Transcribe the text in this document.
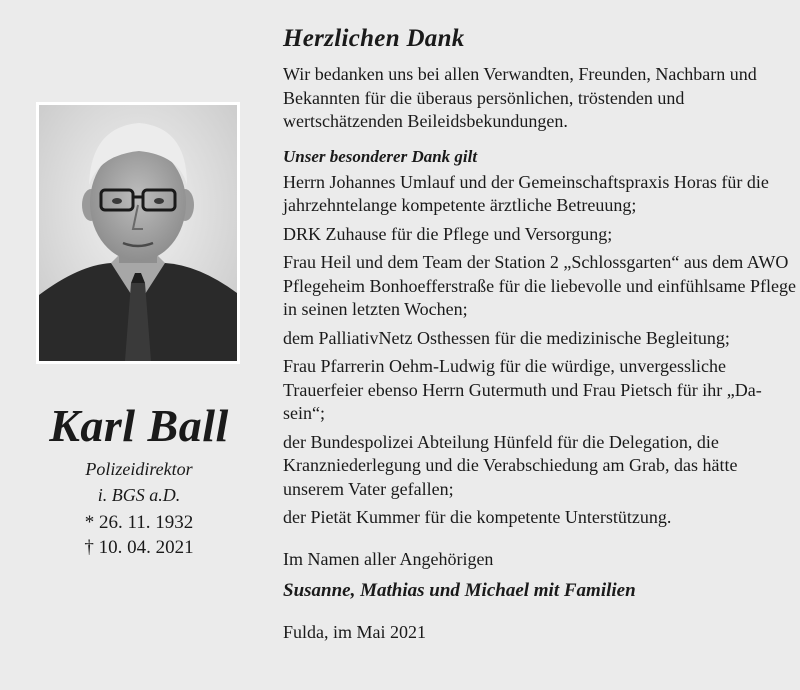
Karl Ball
Polizeidirektor
i. BGS a.D.
* 26. 11. 1932
† 10. 04. 2021
Herzlichen Dank

Wir bedanken uns bei allen Verwandten, Freunden, Nachbarn und Bekannten für die überaus persönlichen, tröstenden und wertschätzenden Beileidsbekundungen.

Unser besonderer Dank gilt

Herrn Johannes Umlauf und der Gemeinschaftspraxis Horas für die jahrzehntelange kompetente ärztliche Betreuung;

DRK Zuhause für die Pflege und Versorgung;

Frau Heil und dem Team der Station 2 „Schlossgarten“ aus dem AWO Pflegeheim Bonhoefferstraße für die liebevolle und einfühlsame Pflege in seinen letzten Wochen;

dem PalliativNetz Osthessen für die medizinische Begleitung;

Frau Pfarrerin Oehm-Ludwig für die würdige, unvergessliche Trauerfeier ebenso Herrn Gutermuth und Frau Pietsch für ihr „Da-sein“;

der Bundespolizei Abteilung Hünfeld für die Delegation, die Kranzniederlegung und die Verabschiedung am Grab, das hätte unserem Vater gefallen;

der Pietät Kummer für die kompetente Unterstützung.

Im Namen aller Angehörigen

Susanne, Mathias und Michael mit Familien

Fulda, im Mai 2021
